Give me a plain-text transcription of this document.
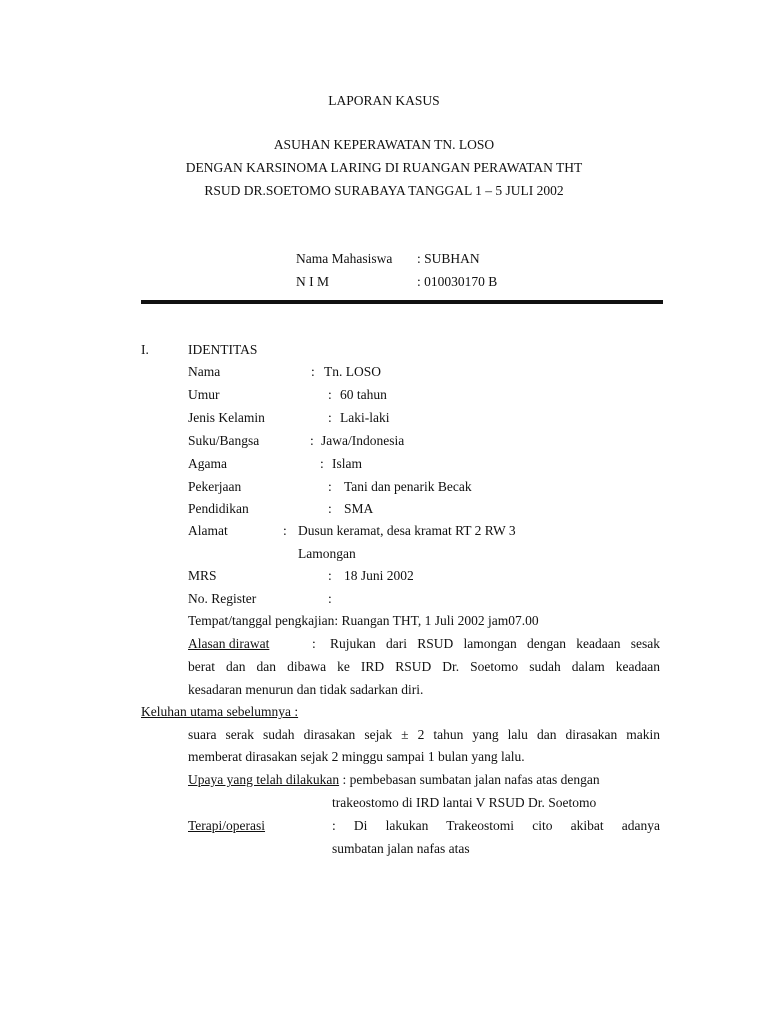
LAPORAN KASUS
ASUHAN KEPERAWATAN TN. LOSO
DENGAN KARSINOMA LARING DI RUANGAN PERAWATAN THT
RSUD DR.SOETOMO SURABAYA TANGGAL 1 – 5 JULI 2002
Nama Mahasiswa : SUBHAN
N I M	: 010030170 B
I.	IDENTITAS
Nama	: Tn. LOSO
Umur	: 60 tahun
Jenis Kelamin	: Laki-laki
Suku/Bangsa	: Jawa/Indonesia
Agama	: Islam
Pekerjaan	: Tani dan penarik Becak
Pendidikan	: SMA
Alamat	: Dusun keramat, desa kramat RT 2 RW 3
Lamongan
MRS	: 18 Juni 2002
No. Register	:
Tempat/tanggal pengkajian: Ruangan THT, 1 Juli 2002 jam07.00
Alasan dirawat	: Rujukan dari RSUD lamongan dengan keadaan sesak
berat dan dan dibawa ke IRD RSUD Dr. Soetomo sudah dalam keadaan
kesadaran menurun dan tidak sadarkan diri.
Keluhan utama sebelumnya :
suara serak sudah dirasakan sejak ± 2 tahun yang lalu dan dirasakan makin
memberat dirasakan sejak 2 minggu sampai 1 bulan yang lalu.
Upaya yang telah dilakukan : pembebasan sumbatan jalan nafas atas dengan
trakeostomo di IRD lantai V RSUD Dr. Soetomo
Terapi/operasi	: Di lakukan Trakeostomi cito akibat adanya
sumbatan jalan nafas atas
